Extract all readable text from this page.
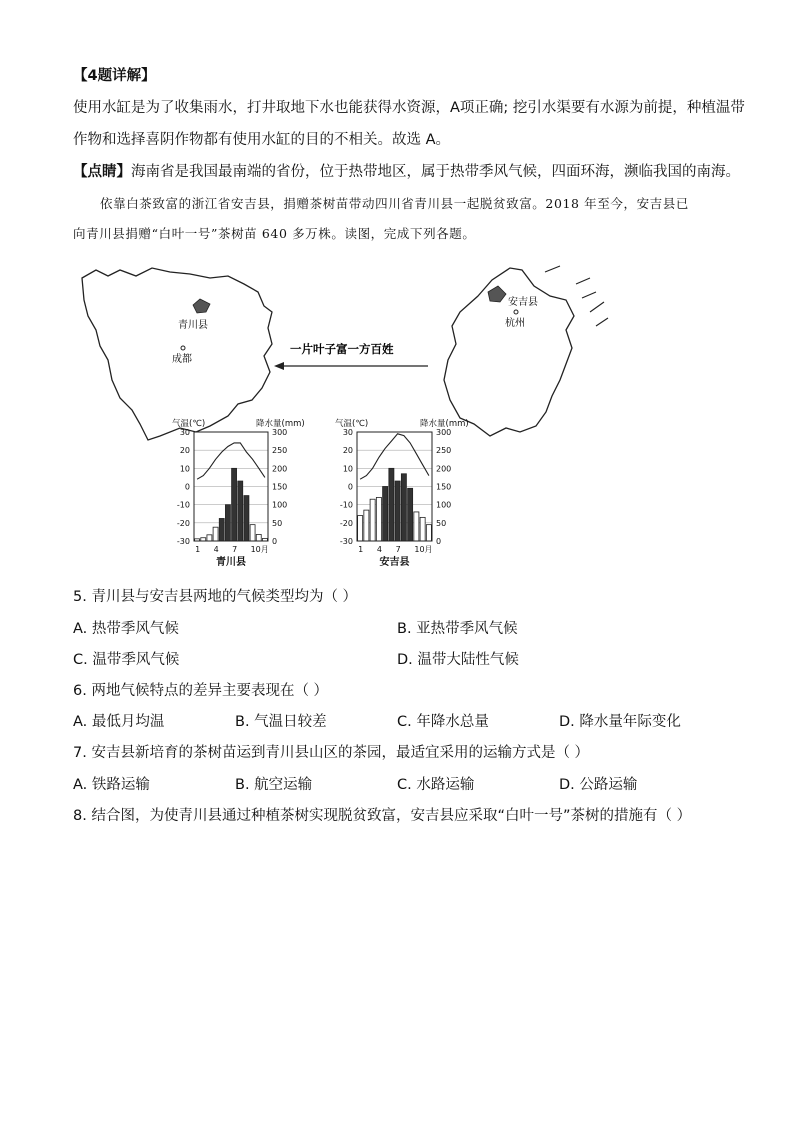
【4题详解】
使用水缸是为了收集雨水，打井取地下水也能获得水资源，A项正确; 挖引水渠要有水源为前提，种植温带
作物和选择喜阴作物都有使用水缸的目的不相关。故选 A。
【点睛】海南省是我国最南端的省份，位于热带地区，属于热带季风气候，四面环海，濒临我国的南海。
依靠白茶致富的浙江省安吉县，捐赠茶树苗带动四川省青川县一起脱贫致富。2018 年至今，安吉县已
向青川县捐赠“白叶一号”茶树苗 640 多万株。读图，完成下列各题。
青川县
成都
安吉县
杭州
一片叶子富一方百姓
30
20
10
0
-10
-20
-30
300
250
200
150
100
50
0
气温(℃)	降水量(mm)
1 4 7 10月
青川县
30
20
10
0
-10
-20
-30
300
250
200
150
100
50
0
气温(℃)	降水量(mm)
1 4 7 10月
安吉县
5. 青川县与安吉县两地的气候类型均为（ ）
A. 热带季风气候	B. 亚热带季风气候
C. 温带季风气候	D. 温带大陆性气候
6. 两地气候特点的差异主要表现在（ ）
A. 最低月均温	B. 气温日较差	C. 年降水总量	D. 降水量年际变化
7. 安吉县新培育的茶树苗运到青川县山区的茶园，最适宜采用的运输方式是（ ）
A. 铁路运输	B. 航空运输	C. 水路运输	D. 公路运输
8. 结合图，为使青川县通过种植茶树实现脱贫致富，安吉县应采取“白叶一号”茶树的措施有（ ）
